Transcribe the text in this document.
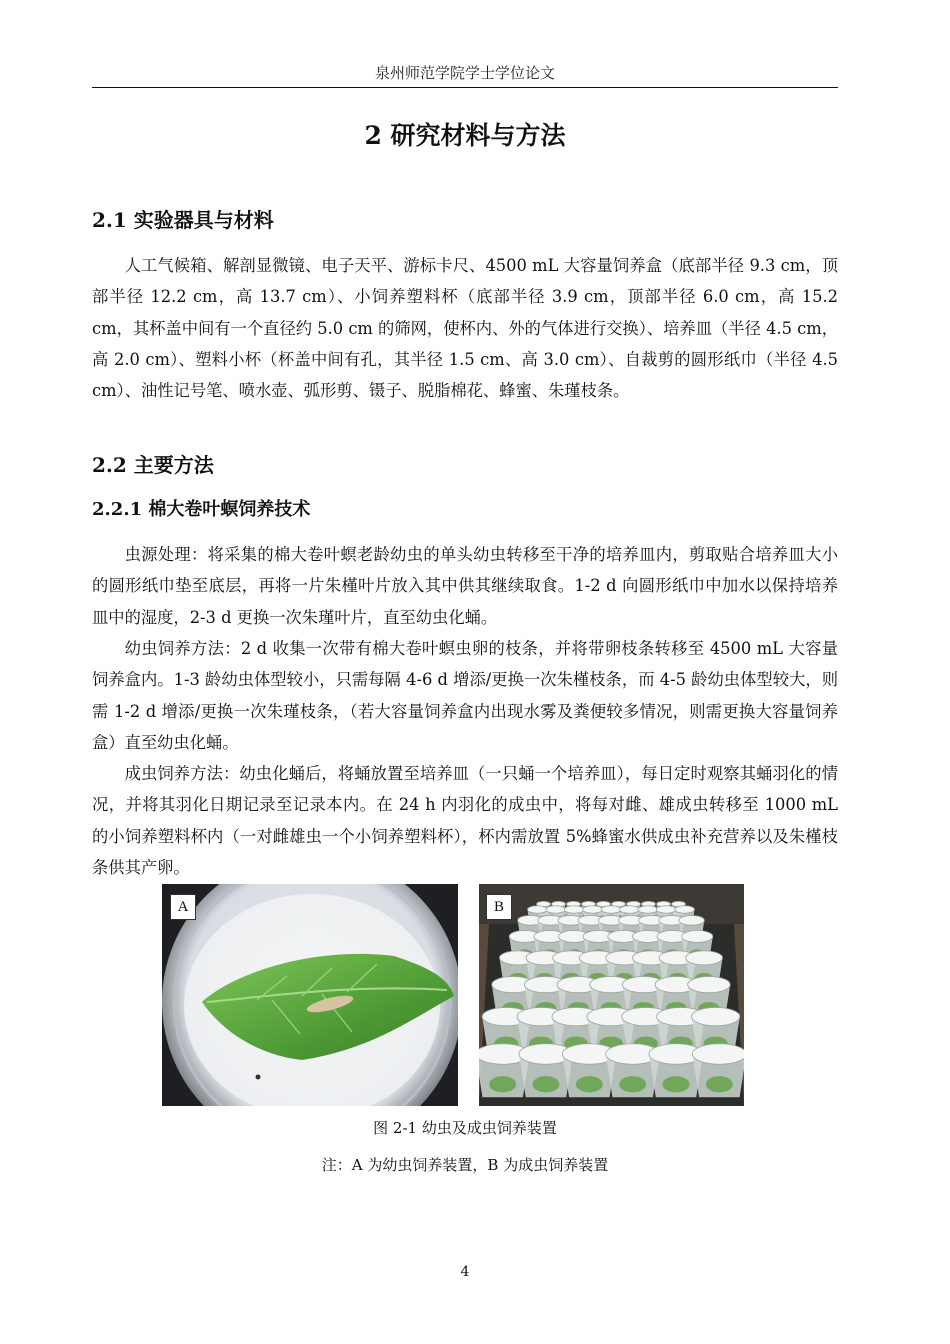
泉州师范学院学士学位论文
2 研究材料与方法
2.1 实验器具与材料

人工气候箱、解剖显微镜、电子天平、游标卡尺、4500 mL 大容量饲养盒（底部半径 9.3 cm，顶部半径 12.2 cm，高 13.7 cm）、小饲养塑料杯（底部半径 3.9 cm，顶部半径 6.0 cm，高 15.2 cm，其杯盖中间有一个直径约 5.0 cm 的筛网，使杯内、外的气体进行交换）、培养皿（半径 4.5 cm，高 2.0 cm）、塑料小杯（杯盖中间有孔，其半径 1.5 cm、高 3.0 cm）、自裁剪的圆形纸巾（半径 4.5 cm）、油性记号笔、喷水壶、弧形剪、镊子、脱脂棉花、蜂蜜、朱瑾枝条。

2.2 主要方法
2.2.1 棉大卷叶螟饲养技术

虫源处理：将采集的棉大卷叶螟老龄幼虫的单头幼虫转移至干净的培养皿内，剪取贴合培养皿大小的圆形纸巾垫至底层，再将一片朱槿叶片放入其中供其继续取食。1-2 d 向圆形纸巾中加水以保持培养皿中的湿度，2-3 d 更换一次朱瑾叶片，直至幼虫化蛹。

幼虫饲养方法：2 d 收集一次带有棉大卷叶螟虫卵的枝条，并将带卵枝条转移至 4500 mL 大容量饲养盒内。1-3 龄幼虫体型较小，只需每隔 4-6 d 增添/更换一次朱槿枝条，而 4-5 龄幼虫体型较大，则需 1-2 d 增添/更换一次朱瑾枝条，（若大容量饲养盒内出现水雾及粪便较多情况，则需更换大容量饲养盒）直至幼虫化蛹。

成虫饲养方法：幼虫化蛹后，将蛹放置至培养皿（一只蛹一个培养皿），每日定时观察其蛹羽化的情况，并将其羽化日期记录至记录本内。在 24 h 内羽化的成虫中，将每对雌、雄成虫转移至 1000 mL 的小饲养塑料杯内（一对雌雄虫一个小饲养塑料杯），杯内需放置 5%蜂蜜水供成虫补充营养以及朱槿枝条供其产卵。

A	B
图 2-1 幼虫及成虫饲养装置
注：A 为幼虫饲养装置，B 为成虫饲养装置
4
